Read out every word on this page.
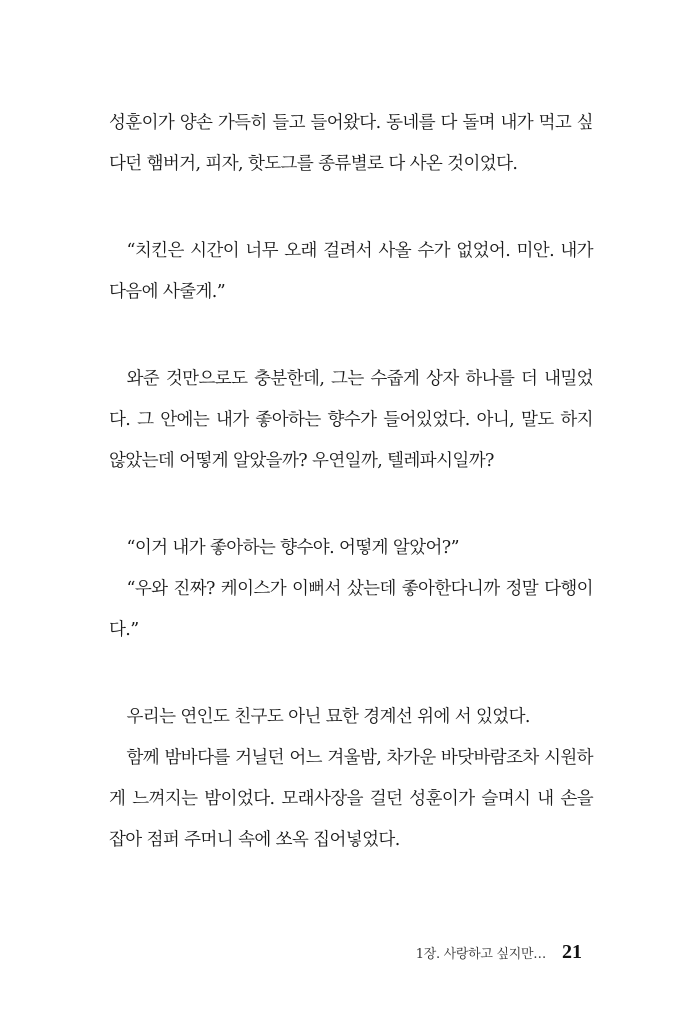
성훈이가 양손 가득히 들고 들어왔다. 동네를 다 돌며 내가 먹고 싶다던 햄버거, 피자, 핫도그를 종류별로 다 사온 것이었다.

“치킨은 시간이 너무 오래 걸려서 사올 수가 없었어. 미안. 내가 다음에 사줄게.”

와준 것만으로도 충분한데, 그는 수줍게 상자 하나를 더 내밀었다. 그 안에는 내가 좋아하는 향수가 들어있었다. 아니, 말도 하지 않았는데 어떻게 알았을까? 우연일까, 텔레파시일까?

“이거 내가 좋아하는 향수야. 어떻게 알았어?”

“우와 진짜? 케이스가 이뻐서 샀는데 좋아한다니까 정말 다행이다.”

우리는 연인도 친구도 아닌 묘한 경계선 위에 서 있었다.

함께 밤바다를 거닐던 어느 겨울밤, 차가운 바닷바람조차 시원하게 느껴지는 밤이었다. 모래사장을 걸던 성훈이가 슬며시 내 손을 잡아 점퍼 주머니 속에 쏘옥 집어넣었다.

1장. 사랑하고 싶지만… 21
